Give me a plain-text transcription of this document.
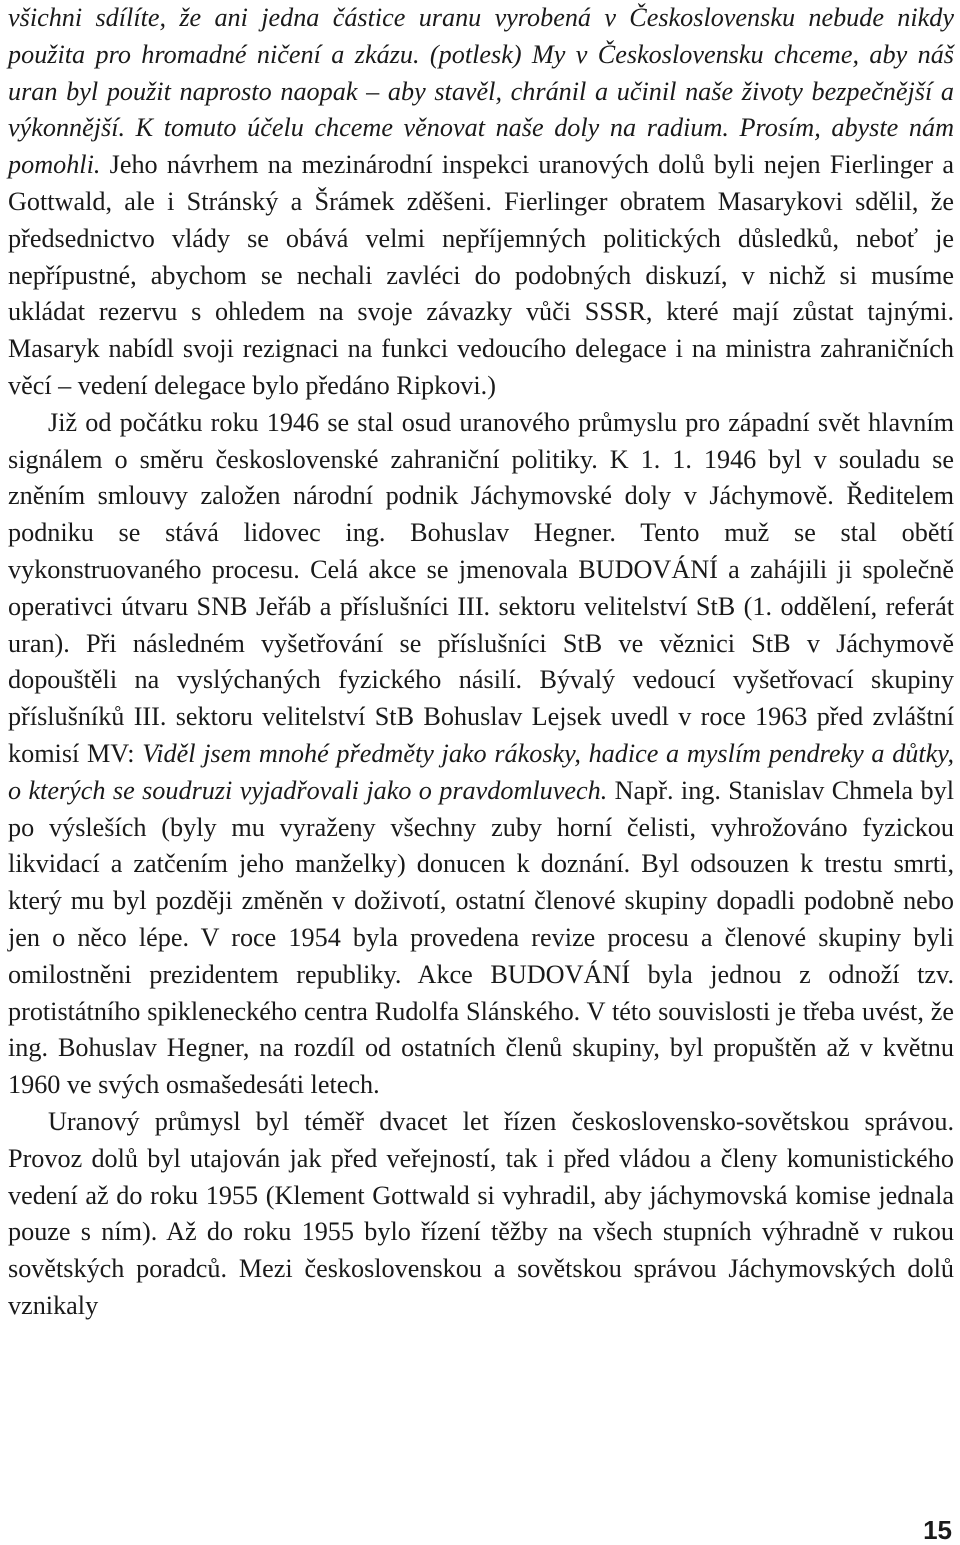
všichni sdílíte, že ani jedna částice uranu vyrobená v Československu nebude nikdy použita pro hromadné ničení a zkázu. (potlesk) My v Československu chceme, aby náš uran byl použit naprosto naopak – aby stavěl, chránil a učinil naše životy bezpečnější a výkonnější. K tomuto účelu chceme věnovat naše doly na radium. Prosím, abyste nám pomohli. Jeho návrhem na mezinárodní inspekci uranových dolů byli nejen Fierlinger a Gottwald, ale i Stránský a Šrámek zděšeni. Fierlinger obratem Masarykovi sdělil, že předsednictvo vlády se obává velmi nepříjemných politických důsledků, neboť je nepřípustné, abychom se nechali zavléci do podobných diskuzí, v nichž si musíme ukládat rezervu s ohledem na svoje závazky vůči SSSR, které mají zůstat tajnými. Masaryk nabídl svoji rezignaci na funkci vedoucího delegace i na ministra zahraničních věcí – vedení delegace bylo předáno Ripkovi.)

Již od počátku roku 1946 se stal osud uranového průmyslu pro západní svět hlavním signálem o směru československé zahraniční politiky. K 1. 1. 1946 byl v souladu se zněním smlouvy založen národní podnik Jáchymovské doly v Jáchymově. Ředitelem podniku se stává lidovec ing. Bohuslav Hegner. Tento muž se stal obětí vykonstruovaného procesu. Celá akce se jmenovala BUDOVÁNÍ a zahájili ji společně operativci útvaru SNB Jeřáb a příslušníci III. sektoru velitelství StB (1. oddělení, referát uran). Při následném vyšetřování se příslušníci StB ve věznici StB v Jáchymově dopouštěli na vyslýchaných fyzického násilí. Bývalý vedoucí vyšetřovací skupiny příslušníků III. sektoru velitelství StB Bohuslav Lejsek uvedl v roce 1963 před zvláštní komisí MV: Viděl jsem mnohé předměty jako rákosky, hadice a myslím pendreky a důtky, o kterých se soudruzi vyjadřovali jako o pravdomluvech. Např. ing. Stanislav Chmela byl po výsleších (byly mu vyraženy všechny zuby horní čelisti, vyhrožováno fyzickou likvidací a zatčením jeho manželky) donucen k doznání. Byl odsouzen k trestu smrti, který mu byl později změněn v doživotí, ostatní členové skupiny dopadli podobně nebo jen o něco lépe. V roce 1954 byla provedena revize procesu a členové skupiny byli omilostněni prezidentem republiky. Akce BUDOVÁNÍ byla jednou z odnoží tzv. protistátního spikleneckého centra Rudolfa Slánského. V této souvislosti je třeba uvést, že ing. Bohuslav Hegner, na rozdíl od ostatních členů skupiny, byl propuštěn až v květnu 1960 ve svých osmašedesáti letech.

Uranový průmysl byl téměř dvacet let řízen československo-sovětskou správou. Provoz dolů byl utajován jak před veřejností, tak i před vládou a členy komunistického vedení až do roku 1955 (Klement Gottwald si vyhradil, aby jáchymovská komise jednala pouze s ním). Až do roku 1955 bylo řízení těžby na všech stupních výhradně v rukou sovětských poradců. Mezi československou a sovětskou správou Jáchymovských dolů vznikaly

15
